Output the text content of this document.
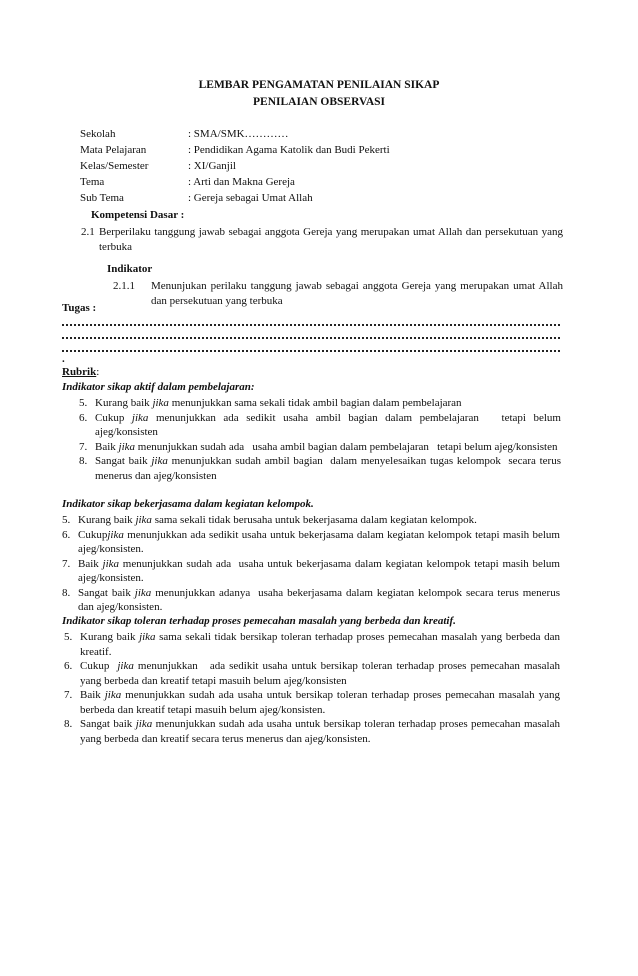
LEMBAR PENGAMATAN PENILAIAN SIKAP
PENILAIAN OBSERVASI
Sekolah	: SMA/SMK…………
Mata Pelajaran	: Pendidikan Agama Katolik dan Budi Pekerti
Kelas/Semester	: XI/Ganjil
Tema	: Arti dan Makna Gereja
Sub Tema	: Gereja sebagai Umat Allah
Kompetensi Dasar :
2.1 Berperilaku tanggung jawab sebagai anggota Gereja yang merupakan umat Allah dan persekutuan yang terbuka
Indikator
2.1.1	Menunjukan perilaku tanggung jawab sebagai anggota Gereja yang merupakan umat Allah dan persekutuan yang terbuka
Tugas :
.
Rubrik:
Indikator sikap aktif dalam pembelajaran:
5. Kurang baik jika menunjukkan sama sekali tidak ambil bagian dalam pembelajaran
6. Cukup jika menunjukkan ada sedikit usaha ambil bagian dalam pembelajaran   tetapi belum ajeg/konsisten
7. Baik jika menunjukkan sudah ada   usaha ambil bagian dalam pembelajaran   tetapi belum ajeg/konsisten
8. Sangat baik jika menunjukkan sudah ambil bagian  dalam menyelesaikan tugas kelompok  secara terus menerus dan ajeg/konsisten
Indikator sikap bekerjasama dalam kegiatan kelompok.
5. Kurang baik jika sama sekali tidak berusaha untuk bekerjasama dalam kegiatan kelompok.
6. Cukupjika menunjukkan ada sedikit usaha untuk bekerjasama dalam kegiatan kelompok tetapi masih belum ajeg/konsisten.
7. Baik jika menunjukkan sudah ada  usaha untuk bekerjasama dalam kegiatan kelompok tetapi masih belum ajeg/konsisten.
8. Sangat baik jika menunjukkan adanya  usaha bekerjasama dalam kegiatan kelompok secara terus menerus dan ajeg/konsisten.
Indikator sikap toleran terhadap proses pemecahan masalah yang berbeda dan kreatif.
5. Kurang baik jika sama sekali tidak bersikap toleran terhadap proses pemecahan masalah yang berbeda dan kreatif.
6. Cukup  jika menunjukkan   ada sedikit usaha untuk bersikap toleran terhadap proses pemecahan masalah yang berbeda dan kreatif tetapi masuih belum ajeg/konsisten
7. Baik jika menunjukkan sudah ada usaha untuk bersikap toleran terhadap proses pemecahan masalah yang berbeda dan kreatif tetapi masuih belum ajeg/konsisten.
8. Sangat baik jika menunjukkan sudah ada usaha untuk bersikap toleran terhadap proses pemecahan masalah yang berbeda dan kreatif secara terus menerus dan ajeg/konsisten.
